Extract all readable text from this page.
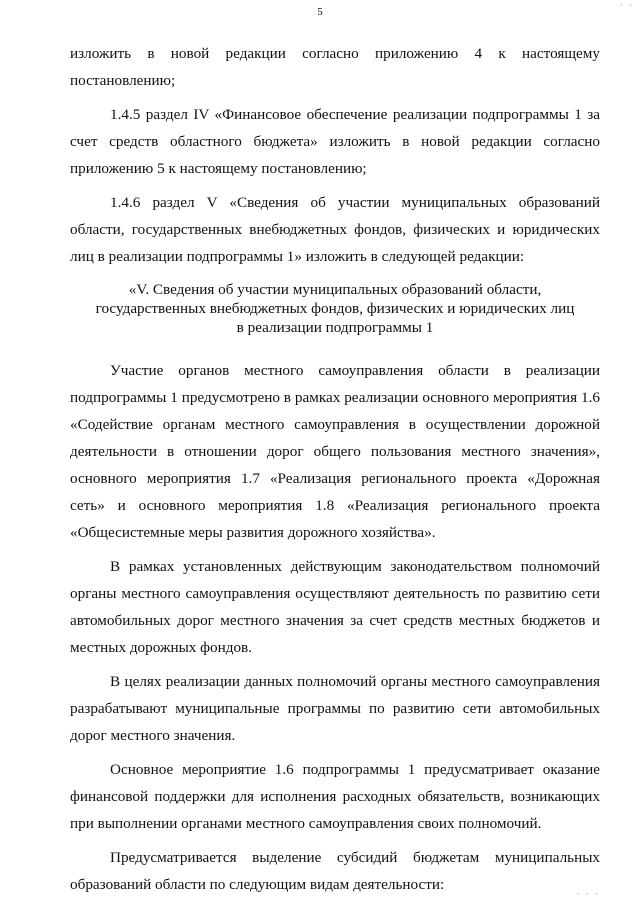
· ·
5

изложить в новой редакции согласно приложению 4 к настоящему постановлению;

1.4.5 раздел IV «Финансовое обеспечение реализации подпрограммы 1 за счет средств областного бюджета» изложить в новой редакции согласно приложению 5 к настоящему постановлению;

1.4.6 раздел V «Сведения об участии муниципальных образований области, государственных внебюджетных фондов, физических и юридических лиц в реализации подпрограммы 1» изложить в следующей редакции:

«V. Сведения об участии муниципальных образований области,
государственных внебюджетных фондов, физических и юридических лиц
в реализации подпрограммы 1

Участие органов местного самоуправления области в реализации подпрограммы 1 предусмотрено в рамках реализации основного мероприятия 1.6 «Содействие органам местного самоуправления в осуществлении дорожной деятельности в отношении дорог общего пользования местного значения», основного мероприятия 1.7 «Реализация регионального проекта «Дорожная сеть» и основного мероприятия 1.8 «Реализация регионального проекта «Общесистемные меры развития дорожного хозяйства».

В рамках установленных действующим законодательством полномочий органы местного самоуправления осуществляют деятельность по развитию сети автомобильных дорог местного значения за счет средств местных бюджетов и местных дорожных фондов.

В целях реализации данных полномочий органы местного самоуправления разрабатывают муниципальные программы по развитию сети автомобильных дорог местного значения.

Основное мероприятие 1.6 подпрограммы 1 предусматривает оказание финансовой поддержки для исполнения расходных обязательств, возникающих при выполнении органами местного самоуправления своих полномочий.

Предусматривается выделение субсидий бюджетам муниципальных образований области по следующим видам деятельности:

· · ·
